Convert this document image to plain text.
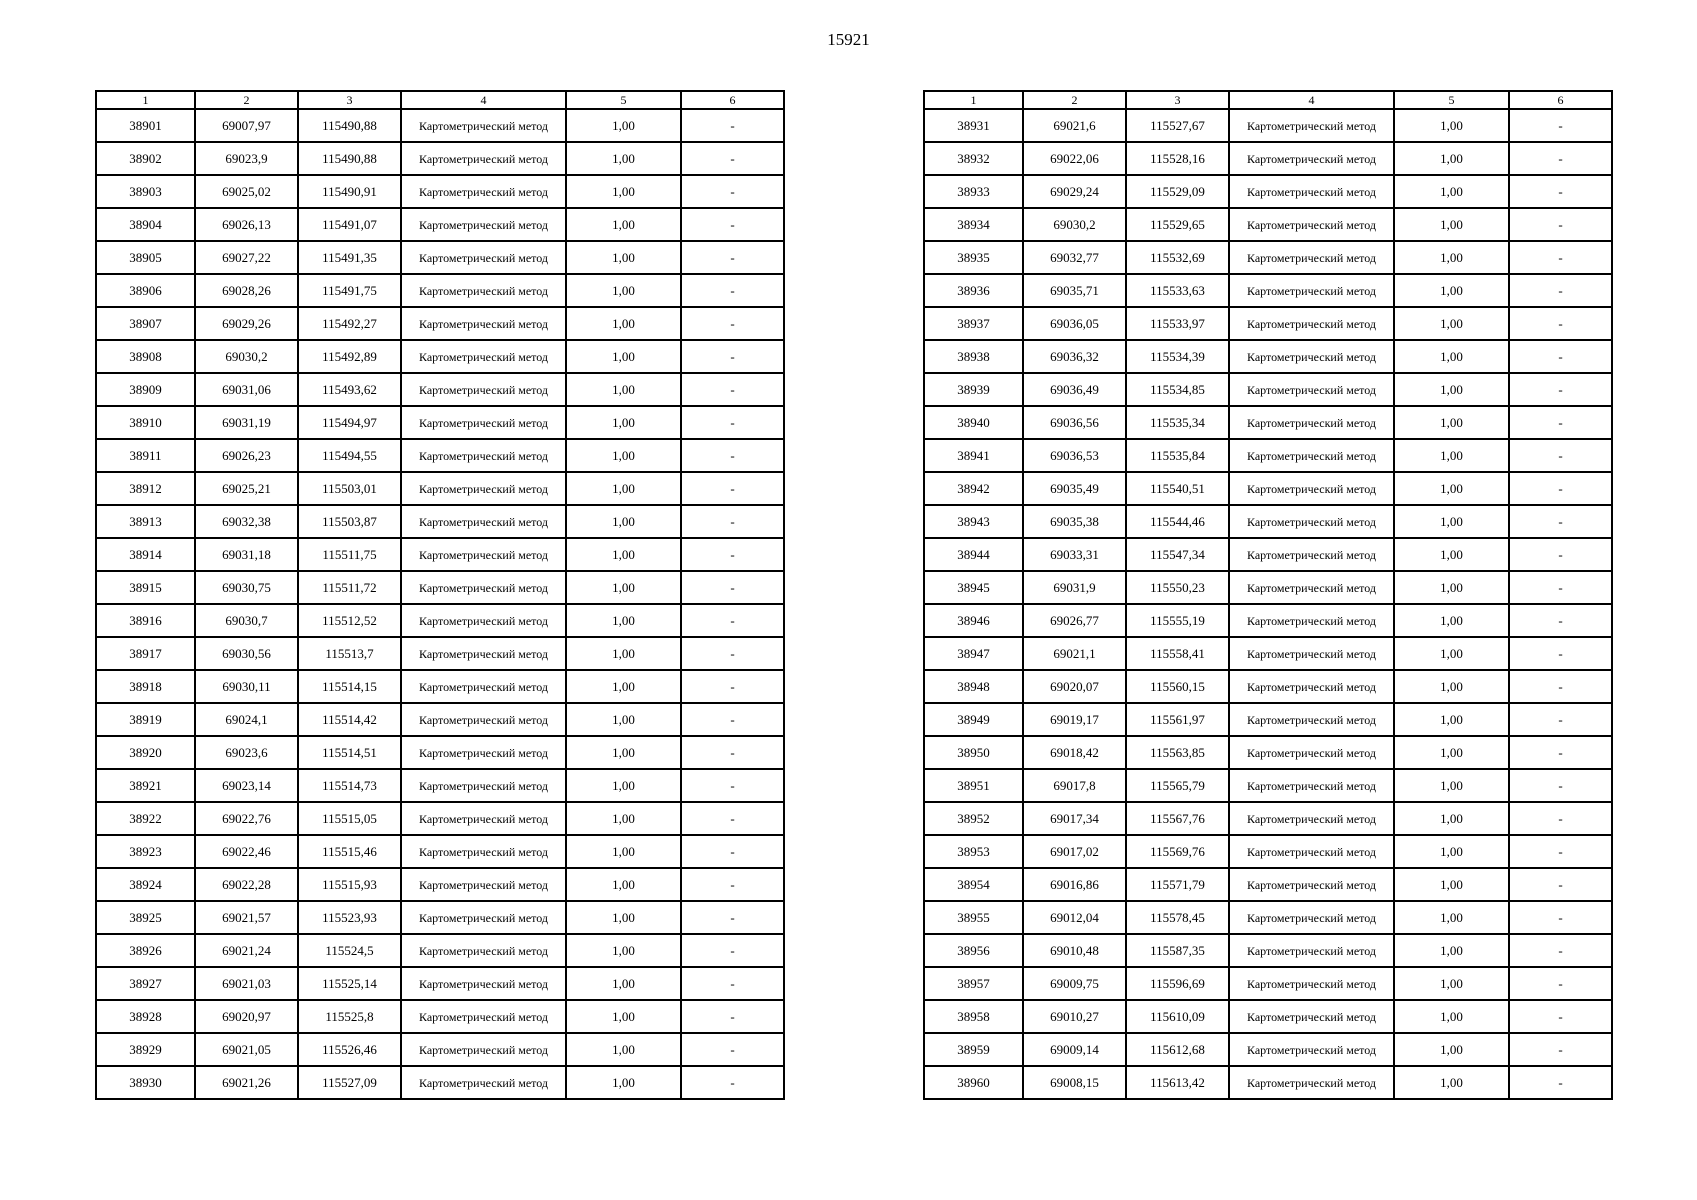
15921
1	2	3	4	5	6
38901	69007,97	115490,88	Картометрический метод	1,00	-
38902	69023,9	115490,88	Картометрический метод	1,00	-
38903	69025,02	115490,91	Картометрический метод	1,00	-
38904	69026,13	115491,07	Картометрический метод	1,00	-
38905	69027,22	115491,35	Картометрический метод	1,00	-
38906	69028,26	115491,75	Картометрический метод	1,00	-
38907	69029,26	115492,27	Картометрический метод	1,00	-
38908	69030,2	115492,89	Картометрический метод	1,00	-
38909	69031,06	115493,62	Картометрический метод	1,00	-
38910	69031,19	115494,97	Картометрический метод	1,00	-
38911	69026,23	115494,55	Картометрический метод	1,00	-
38912	69025,21	115503,01	Картометрический метод	1,00	-
38913	69032,38	115503,87	Картометрический метод	1,00	-
38914	69031,18	115511,75	Картометрический метод	1,00	-
38915	69030,75	115511,72	Картометрический метод	1,00	-
38916	69030,7	115512,52	Картометрический метод	1,00	-
38917	69030,56	115513,7	Картометрический метод	1,00	-
38918	69030,11	115514,15	Картометрический метод	1,00	-
38919	69024,1	115514,42	Картометрический метод	1,00	-
38920	69023,6	115514,51	Картометрический метод	1,00	-
38921	69023,14	115514,73	Картометрический метод	1,00	-
38922	69022,76	115515,05	Картометрический метод	1,00	-
38923	69022,46	115515,46	Картометрический метод	1,00	-
38924	69022,28	115515,93	Картометрический метод	1,00	-
38925	69021,57	115523,93	Картометрический метод	1,00	-
38926	69021,24	115524,5	Картометрический метод	1,00	-
38927	69021,03	115525,14	Картометрический метод	1,00	-
38928	69020,97	115525,8	Картометрический метод	1,00	-
38929	69021,05	115526,46	Картометрический метод	1,00	-
38930	69021,26	115527,09	Картометрический метод	1,00	-
1	2	3	4	5	6
38931	69021,6	115527,67	Картометрический метод	1,00	-
38932	69022,06	115528,16	Картометрический метод	1,00	-
38933	69029,24	115529,09	Картометрический метод	1,00	-
38934	69030,2	115529,65	Картометрический метод	1,00	-
38935	69032,77	115532,69	Картометрический метод	1,00	-
38936	69035,71	115533,63	Картометрический метод	1,00	-
38937	69036,05	115533,97	Картометрический метод	1,00	-
38938	69036,32	115534,39	Картометрический метод	1,00	-
38939	69036,49	115534,85	Картометрический метод	1,00	-
38940	69036,56	115535,34	Картометрический метод	1,00	-
38941	69036,53	115535,84	Картометрический метод	1,00	-
38942	69035,49	115540,51	Картометрический метод	1,00	-
38943	69035,38	115544,46	Картометрический метод	1,00	-
38944	69033,31	115547,34	Картометрический метод	1,00	-
38945	69031,9	115550,23	Картометрический метод	1,00	-
38946	69026,77	115555,19	Картометрический метод	1,00	-
38947	69021,1	115558,41	Картометрический метод	1,00	-
38948	69020,07	115560,15	Картометрический метод	1,00	-
38949	69019,17	115561,97	Картометрический метод	1,00	-
38950	69018,42	115563,85	Картометрический метод	1,00	-
38951	69017,8	115565,79	Картометрический метод	1,00	-
38952	69017,34	115567,76	Картометрический метод	1,00	-
38953	69017,02	115569,76	Картометрический метод	1,00	-
38954	69016,86	115571,79	Картометрический метод	1,00	-
38955	69012,04	115578,45	Картометрический метод	1,00	-
38956	69010,48	115587,35	Картометрический метод	1,00	-
38957	69009,75	115596,69	Картометрический метод	1,00	-
38958	69010,27	115610,09	Картометрический метод	1,00	-
38959	69009,14	115612,68	Картометрический метод	1,00	-
38960	69008,15	115613,42	Картометрический метод	1,00	-
